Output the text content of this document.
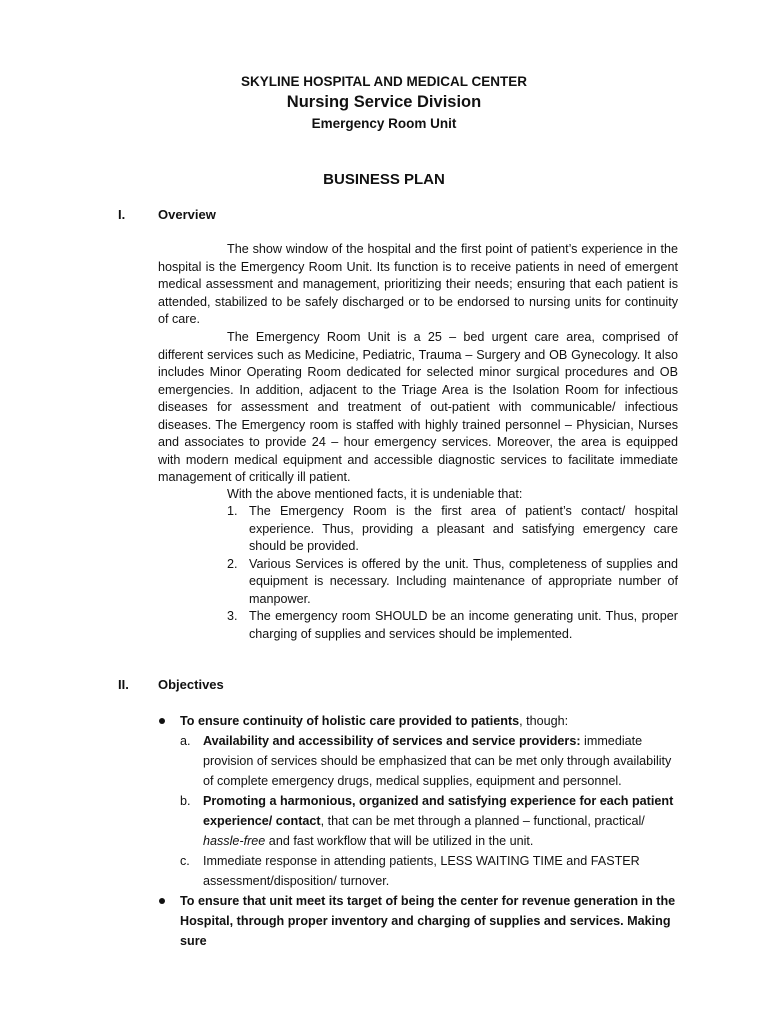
SKYLINE HOSPITAL AND MEDICAL CENTER
Nursing Service Division
Emergency Room Unit
BUSINESS PLAN
I.	Overview
The show window of the hospital and the first point of patient’s experience in the hospital is the Emergency Room Unit. Its function is to receive patients in need of emergent medical assessment and management, prioritizing their needs; ensuring that each patient is attended, stabilized to be safely discharged or to be endorsed to nursing units for continuity of care.
The Emergency Room Unit is a 25 – bed urgent care area, comprised of different services such as Medicine, Pediatric, Trauma – Surgery and OB Gynecology. It also includes Minor Operating Room dedicated for selected minor surgical procedures and OB emergencies. In addition, adjacent to the Triage Area is the Isolation Room for infectious diseases for assessment and treatment of out-patient with communicable/ infectious diseases. The Emergency room is staffed with highly trained personnel – Physician, Nurses and associates to provide 24 – hour emergency services. Moreover, the area is equipped with modern medical equipment and accessible diagnostic services to facilitate immediate management of critically ill patient.
With the above mentioned facts, it is undeniable that:
1. The Emergency Room is the first area of patient’s contact/ hospital experience. Thus, providing a pleasant and satisfying emergency care should be provided.
2. Various Services is offered by the unit. Thus, completeness of supplies and equipment is necessary. Including maintenance of appropriate number of manpower.
3. The emergency room SHOULD be an income generating unit. Thus, proper charging of supplies and services should be implemented.
II. Objectives
To ensure continuity of holistic care provided to patients, though:
a. Availability and accessibility of services and service providers: immediate provision of services should be emphasized that can be met only through availability of complete emergency drugs, medical supplies, equipment and personnel.
b. Promoting a harmonious, organized and satisfying experience for each patient experience/ contact, that can be met through a planned – functional, practical/ hassle-free and fast workflow that will be utilized in the unit.
c. Immediate response in attending patients, LESS WAITING TIME and FASTER assessment/disposition/ turnover.
To ensure that unit meet its target of being the center for revenue generation in the Hospital, through proper inventory and charging of supplies and services. Making sure
